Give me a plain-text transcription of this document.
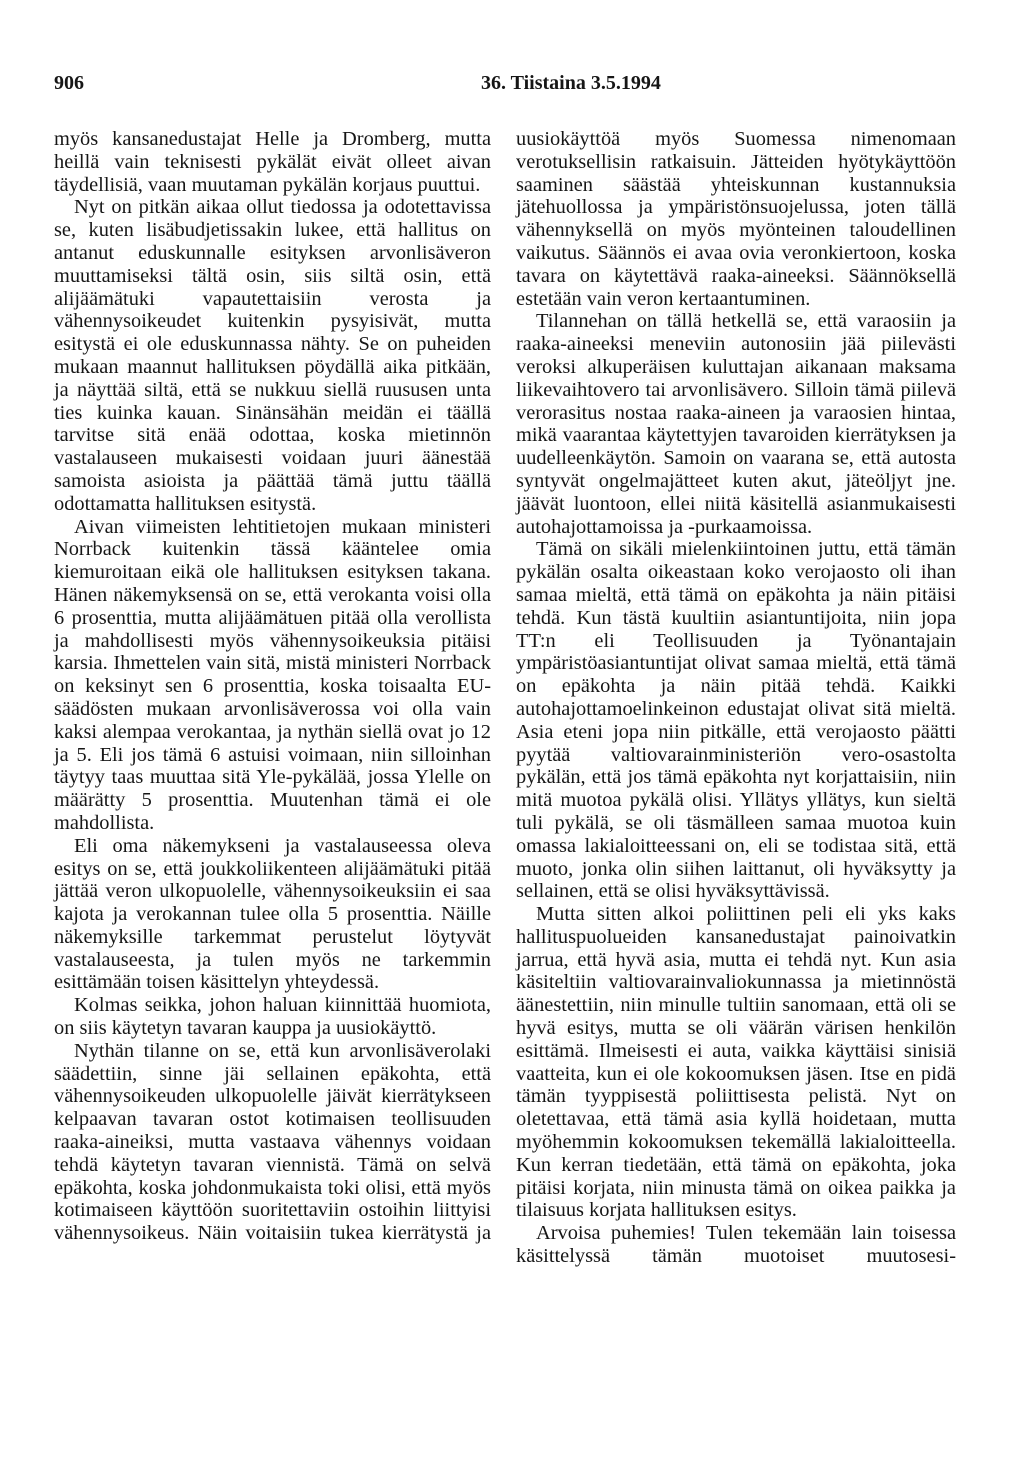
906	36. Tiistaina 3.5.1994

myös kansanedustajat Helle ja Dromberg, mutta heillä vain teknisesti pykälät eivät olleet aivan täydellisiä, vaan muutaman pykälän korjaus puuttui.

Nyt on pitkän aikaa ollut tiedossa ja odotettavissa se, kuten lisäbudjetissakin lukee, että hallitus on antanut eduskunnalle esityksen arvonlisäveron muuttamiseksi tältä osin, siis siltä osin, että alijäämätuki vapautettaisiin verosta ja vähennysoikeudet kuitenkin pysyisivät, mutta esitystä ei ole eduskunnassa nähty. Se on puheiden mukaan maannut hallituksen pöydällä aika pitkään, ja näyttää siltä, että se nukkuu siellä ruususen unta ties kuinka kauan. Sinänsähän meidän ei täällä tarvitse sitä enää odottaa, koska mietinnön vastalauseen mukaisesti voidaan juuri äänestää samoista asioista ja päättää tämä juttu täällä odottamatta hallituksen esitystä.

Aivan viimeisten lehtitietojen mukaan ministeri Norrback kuitenkin tässä kääntelee omia kiemuroitaan eikä ole hallituksen esityksen takana. Hänen näkemyksensä on se, että verokanta voisi olla 6 prosenttia, mutta alijäämätuen pitää olla verollista ja mahdollisesti myös vähennysoikeuksia pitäisi karsia. Ihmettelen vain sitä, mistä ministeri Norrback on keksinyt sen 6 prosenttia, koska toisaalta EU-säädösten mukaan arvonlisäverossa voi olla vain kaksi alempaa verokantaa, ja nythän siellä ovat jo 12 ja 5. Eli jos tämä 6 astuisi voimaan, niin silloinhan täytyy taas muuttaa sitä Yle-pykälää, jossa Ylelle on määrätty 5 prosenttia. Muutenhan tämä ei ole mahdollista.

Eli oma näkemykseni ja vastalauseessa oleva esitys on se, että joukkoliikenteen alijäämätuki pitää jättää veron ulkopuolelle, vähennysoikeuksiin ei saa kajota ja verokannan tulee olla 5 prosenttia. Näille näkemyksille tarkemmat perustelut löytyvät vastalauseesta, ja tulen myös ne tarkemmin esittämään toisen käsittelyn yhteydessä.

Kolmas seikka, johon haluan kiinnittää huomiota, on siis käytetyn tavaran kauppa ja uusiokäyttö.

Nythän tilanne on se, että kun arvonlisäverolaki säädettiin, sinne jäi sellainen epäkohta, että vähennysoikeuden ulkopuolelle jäivät kierrätykseen kelpaavan tavaran ostot kotimaisen teollisuuden raaka-aineiksi, mutta vastaava vähennys voidaan tehdä käytetyn tavaran viennistä. Tämä on selvä epäkohta, koska johdonmukaista toki olisi, että myös kotimaiseen käyttöön suoritettaviin ostoihin liittyisi vähennysoikeus. Näin voitaisiin tukea kierrätystä ja

uusiokäyttöä myös Suomessa nimenomaan verotuksellisin ratkaisuin. Jätteiden hyötykäyttöön saaminen säästää yhteiskunnan kustannuksia jätehuollossa ja ympäristönsuojelussa, joten tällä vähennyksellä on myös myönteinen taloudellinen vaikutus. Säännös ei avaa ovia veronkiertoon, koska tavara on käytettävä raaka-aineeksi. Säännöksellä estetään vain veron kertaantuminen.

Tilannehan on tällä hetkellä se, että varaosiin ja raaka-aineeksi meneviin autonosiin jää piilevästi veroksi alkuperäisen kuluttajan aikanaan maksama liikevaihtovero tai arvonlisävero. Silloin tämä piilevä verorasitus nostaa raaka-aineen ja varaosien hintaa, mikä vaarantaa käytettyjen tavaroiden kierrätyksen ja uudelleenkäytön. Samoin on vaarana se, että autosta syntyvät ongelmajätteet kuten akut, jäteöljyt jne. jäävät luontoon, ellei niitä käsitellä asianmukaisesti autohajottamoissa ja -purkaamoissa.

Tämä on sikäli mielenkiintoinen juttu, että tämän pykälän osalta oikeastaan koko verojaosto oli ihan samaa mieltä, että tämä on epäkohta ja näin pitäisi tehdä. Kun tästä kuultiin asiantuntijoita, niin jopa TT:n eli Teollisuuden ja Työnantajain ympäristöasiantuntijat olivat samaa mieltä, että tämä on epäkohta ja näin pitää tehdä. Kaikki autohajottamoelinkeinon edustajat olivat sitä mieltä. Asia eteni jopa niin pitkälle, että verojaosto päätti pyytää valtiovarainministeriön vero-osastolta pykälän, että jos tämä epäkohta nyt korjattaisiin, niin mitä muotoa pykälä olisi. Yllätys yllätys, kun sieltä tuli pykälä, se oli täsmälleen samaa muotoa kuin omassa lakialoitteessani on, eli se todistaa sitä, että muoto, jonka olin siihen laittanut, oli hyväksytty ja sellainen, että se olisi hyväksyttävissä.

Mutta sitten alkoi poliittinen peli eli yks kaks hallituspuolueiden kansanedustajat painoivatkin jarrua, että hyvä asia, mutta ei tehdä nyt. Kun asia käsiteltiin valtiovarainvaliokunnassa ja mietinnöstä äänestettiin, niin minulle tultiin sanomaan, että oli se hyvä esitys, mutta se oli väärän värisen henkilön esittämä. Ilmeisesti ei auta, vaikka käyttäisi sinisiä vaatteita, kun ei ole kokoomuksen jäsen. Itse en pidä tämän tyyppisestä poliittisesta pelistä. Nyt on oletettavaa, että tämä asia kyllä hoidetaan, mutta myöhemmin kokoomuksen tekemällä lakialoitteella. Kun kerran tiedetään, että tämä on epäkohta, joka pitäisi korjata, niin minusta tämä on oikea paikka ja tilaisuus korjata hallituksen esitys.

Arvoisa puhemies! Tulen tekemään lain toisessa käsittelyssä tämän muotoiset muutosesi-
